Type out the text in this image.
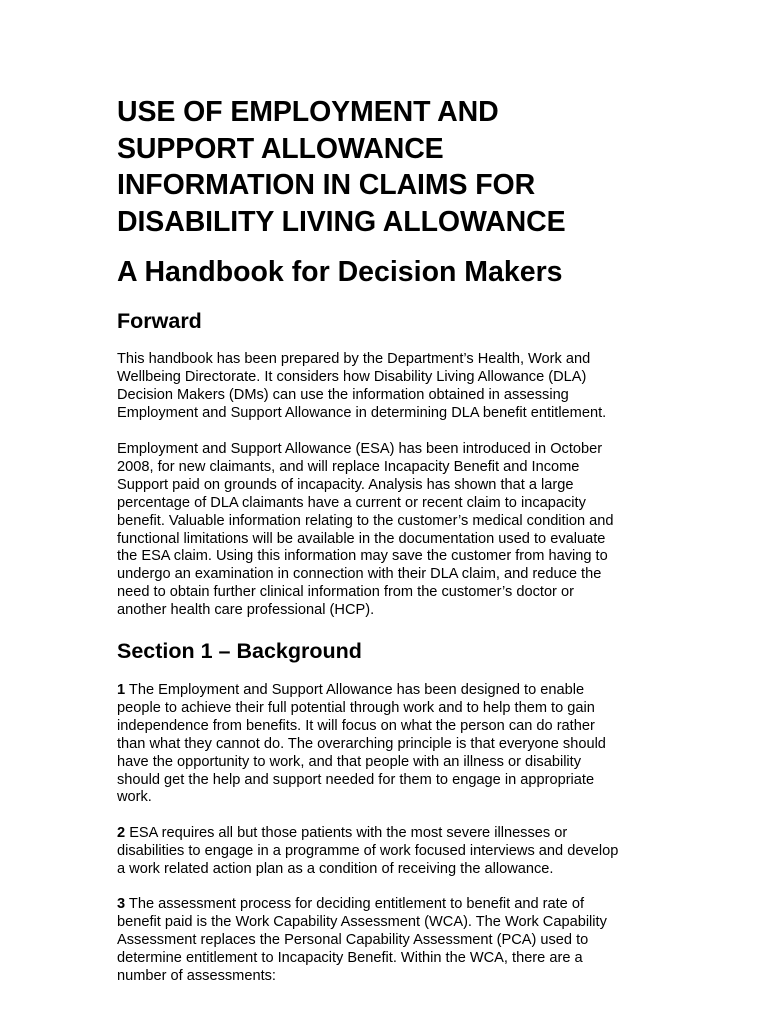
USE OF EMPLOYMENT AND
SUPPORT ALLOWANCE
INFORMATION IN CLAIMS FOR
DISABILITY LIVING ALLOWANCE
A Handbook for Decision Makers
Forward

This handbook has been prepared by the Department’s Health, Work and
Wellbeing Directorate. It considers how Disability Living Allowance (DLA)
Decision Makers (DMs) can use the information obtained in assessing
Employment and Support Allowance in determining DLA benefit entitlement.

Employment and Support Allowance (ESA) has been introduced in October
2008, for new claimants, and will replace Incapacity Benefit and Income
Support paid on grounds of incapacity. Analysis has shown that a large
percentage of DLA claimants have a current or recent claim to incapacity
benefit. Valuable information relating to the customer’s medical condition and
functional limitations will be available in the documentation used to evaluate
the ESA claim. Using this information may save the customer from having to
undergo an examination in connection with their DLA claim, and reduce the
need to obtain further clinical information from the customer’s doctor or
another health care professional (HCP).

Section 1 – Background

1 The Employment and Support Allowance has been designed to enable
people to achieve their full potential through work and to help them to gain
independence from benefits. It will focus on what the person can do rather
than what they cannot do. The overarching principle is that everyone should
have the opportunity to work, and that people with an illness or disability
should get the help and support needed for them to engage in appropriate
work.

2 ESA requires all but those patients with the most severe illnesses or
disabilities to engage in a programme of work focused interviews and develop
a work related action plan as a condition of receiving the allowance.

3 The assessment process for deciding entitlement to benefit and rate of
benefit paid is the Work Capability Assessment (WCA). The Work Capability
Assessment replaces the Personal Capability Assessment (PCA) used to
determine entitlement to Incapacity Benefit. Within the WCA, there are a
number of assessments:
